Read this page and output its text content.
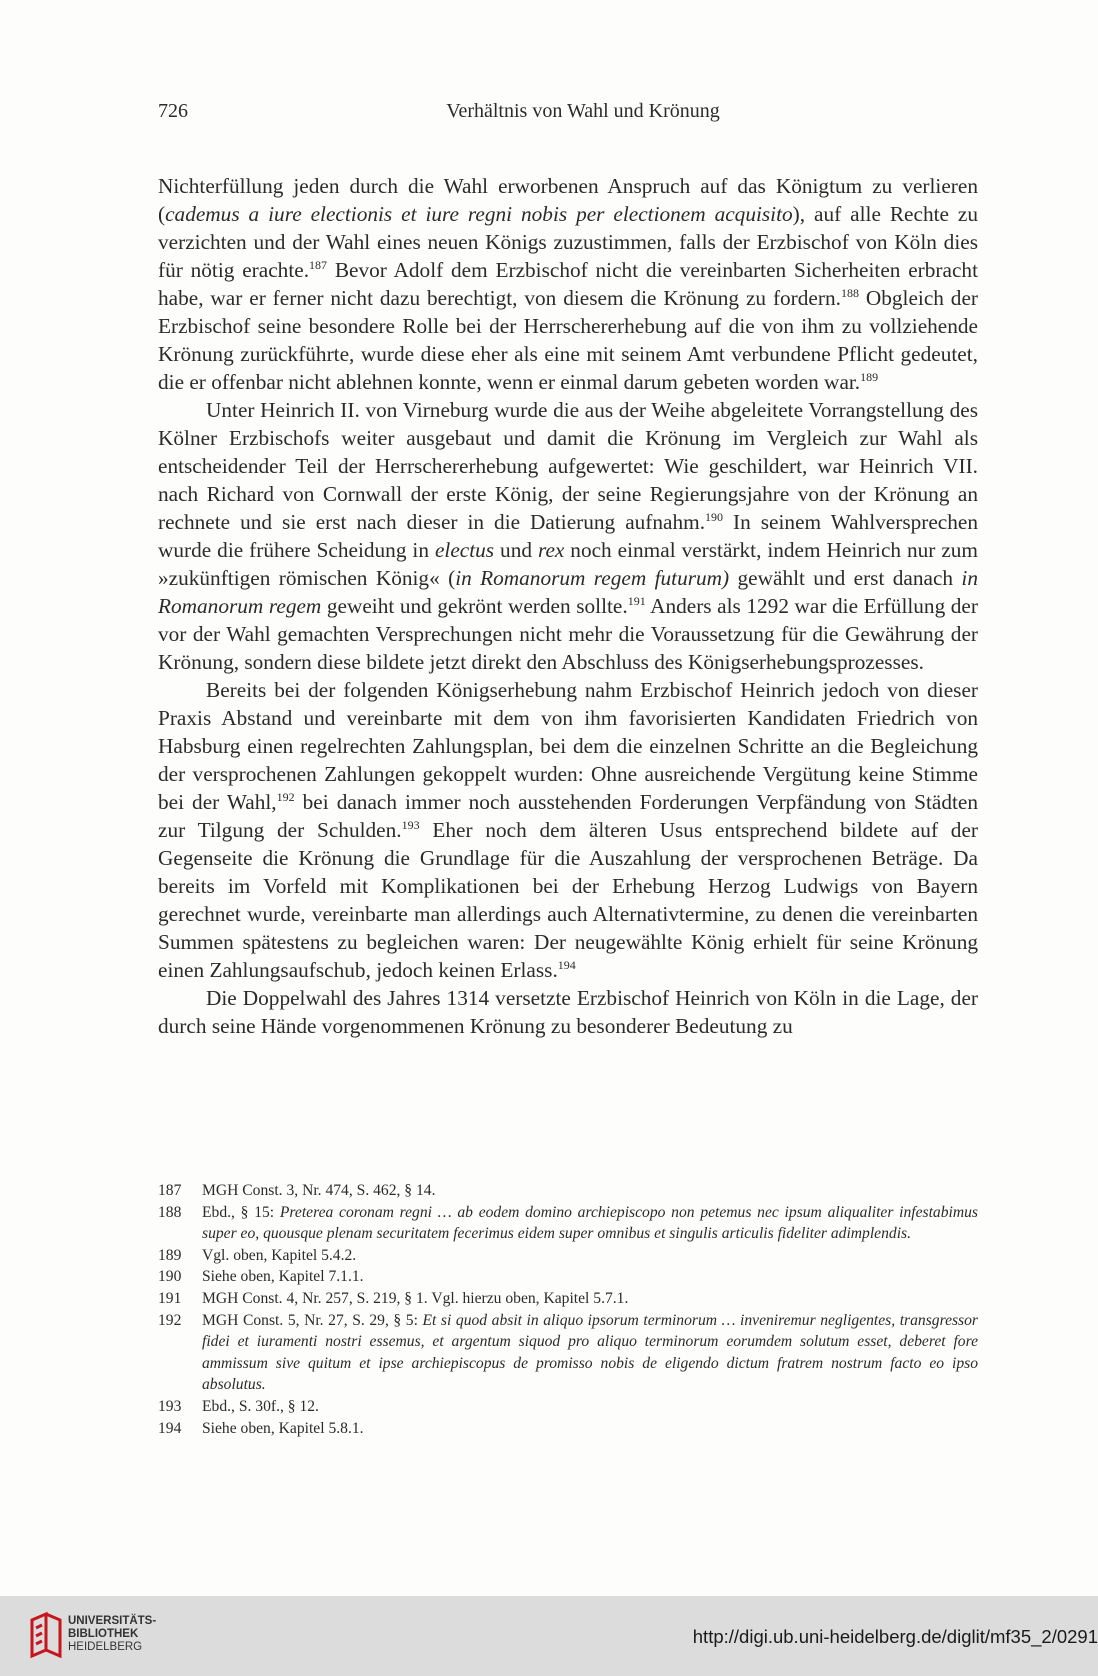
726	Verhältnis von Wahl und Krönung

Nichterfüllung jeden durch die Wahl erworbenen Anspruch auf das Königtum zu verlieren (cademus a iure electionis et iure regni nobis per electionem acquisito), auf alle Rechte zu verzichten und der Wahl eines neuen Königs zuzustimmen, falls der Erzbischof von Köln dies für nötig erachte.$^{187}$ Bevor Adolf dem Erzbischof nicht die vereinbarten Sicherheiten erbracht habe, war er ferner nicht dazu berechtigt, von diesem die Krönung zu fordern.$^{188}$ Obgleich der Erzbischof seine besondere Rolle bei der Herrschererhebung auf die von ihm zu vollziehende Krönung zurückführte, wurde diese eher als eine mit seinem Amt verbundene Pflicht gedeutet, die er offenbar nicht ablehnen konnte, wenn er einmal darum gebeten worden war.$^{189}$

Unter Heinrich II. von Virneburg wurde die aus der Weihe abgeleitete Vorrangstellung des Kölner Erzbischofs weiter ausgebaut und damit die Krönung im Vergleich zur Wahl als entscheidender Teil der Herrschererhebung aufgewertet: Wie geschildert, war Heinrich VII. nach Richard von Cornwall der erste König, der seine Regierungsjahre von der Krönung an rechnete und sie erst nach dieser in die Datierung aufnahm.$^{190}$ In seinem Wahlversprechen wurde die frühere Scheidung in electus und rex noch einmal verstärkt, indem Heinrich nur zum »zukünftigen römischen König« (in Romanorum regem futurum) gewählt und erst danach in Romanorum regem geweiht und gekrönt werden sollte.$^{191}$ Anders als 1292 war die Erfüllung der vor der Wahl gemachten Versprechungen nicht mehr die Voraussetzung für die Gewährung der Krönung, sondern diese bildete jetzt direkt den Abschluss des Königserhebungsprozesses.

Bereits bei der folgenden Königserhebung nahm Erzbischof Heinrich jedoch von dieser Praxis Abstand und vereinbarte mit dem von ihm favorisierten Kandidaten Friedrich von Habsburg einen regelrechten Zahlungsplan, bei dem die einzelnen Schritte an die Begleichung der versprochenen Zahlungen gekoppelt wurden: Ohne ausreichende Vergütung keine Stimme bei der Wahl,$^{192}$ bei danach immer noch ausstehenden Forderungen Verpfändung von Städten zur Tilgung der Schulden.$^{193}$ Eher noch dem älteren Usus entsprechend bildete auf der Gegenseite die Krönung die Grundlage für die Auszahlung der versprochenen Beträge. Da bereits im Vorfeld mit Komplikationen bei der Erhebung Herzog Ludwigs von Bayern gerechnet wurde, vereinbarte man allerdings auch Alternativtermine, zu denen die vereinbarten Summen spätestens zu begleichen waren: Der neugewählte König erhielt für seine Krönung einen Zahlungsaufschub, jedoch keinen Erlass.$^{194}$

Die Doppelwahl des Jahres 1314 versetzte Erzbischof Heinrich von Köln in die Lage, der durch seine Hände vorgenommenen Krönung zu besonderer Bedeutung zu

187	MGH Const. 3, Nr. 474, S. 462, § 14.
188	Ebd., § 15: Preterea coronam regni … ab eodem domino archiepiscopo non petemus nec ipsum aliqualiter infestabimus super eo, quousque plenam securitatem fecerimus eidem super omnibus et singulis articulis fideliter adimplendis.
189	Vgl. oben, Kapitel 5.4.2.
190	Siehe oben, Kapitel 7.1.1.
191	MGH Const. 4, Nr. 257, S. 219, § 1. Vgl. hierzu oben, Kapitel 5.7.1.
192	MGH Const. 5, Nr. 27, S. 29, § 5: Et si quod absit in aliquo ipsorum terminorum … inveniremur negligentes, transgressor fidei et iuramenti nostri essemus, et argentum siquod pro aliquo terminorum eorumdem solutum esset, deberet fore ammissum sive quitum et ipse archiepiscopus de promisso nobis de eligendo dictum fratrem nostrum facto eo ipso absolutus.
193	Ebd., S. 30f., § 12.
194	Siehe oben, Kapitel 5.8.1.
UNIVERSITÄTS-
BIBLIOTHEK
HEIDELBERG	http://digi.ub.uni-heidelberg.de/diglit/mf35_2/0291
